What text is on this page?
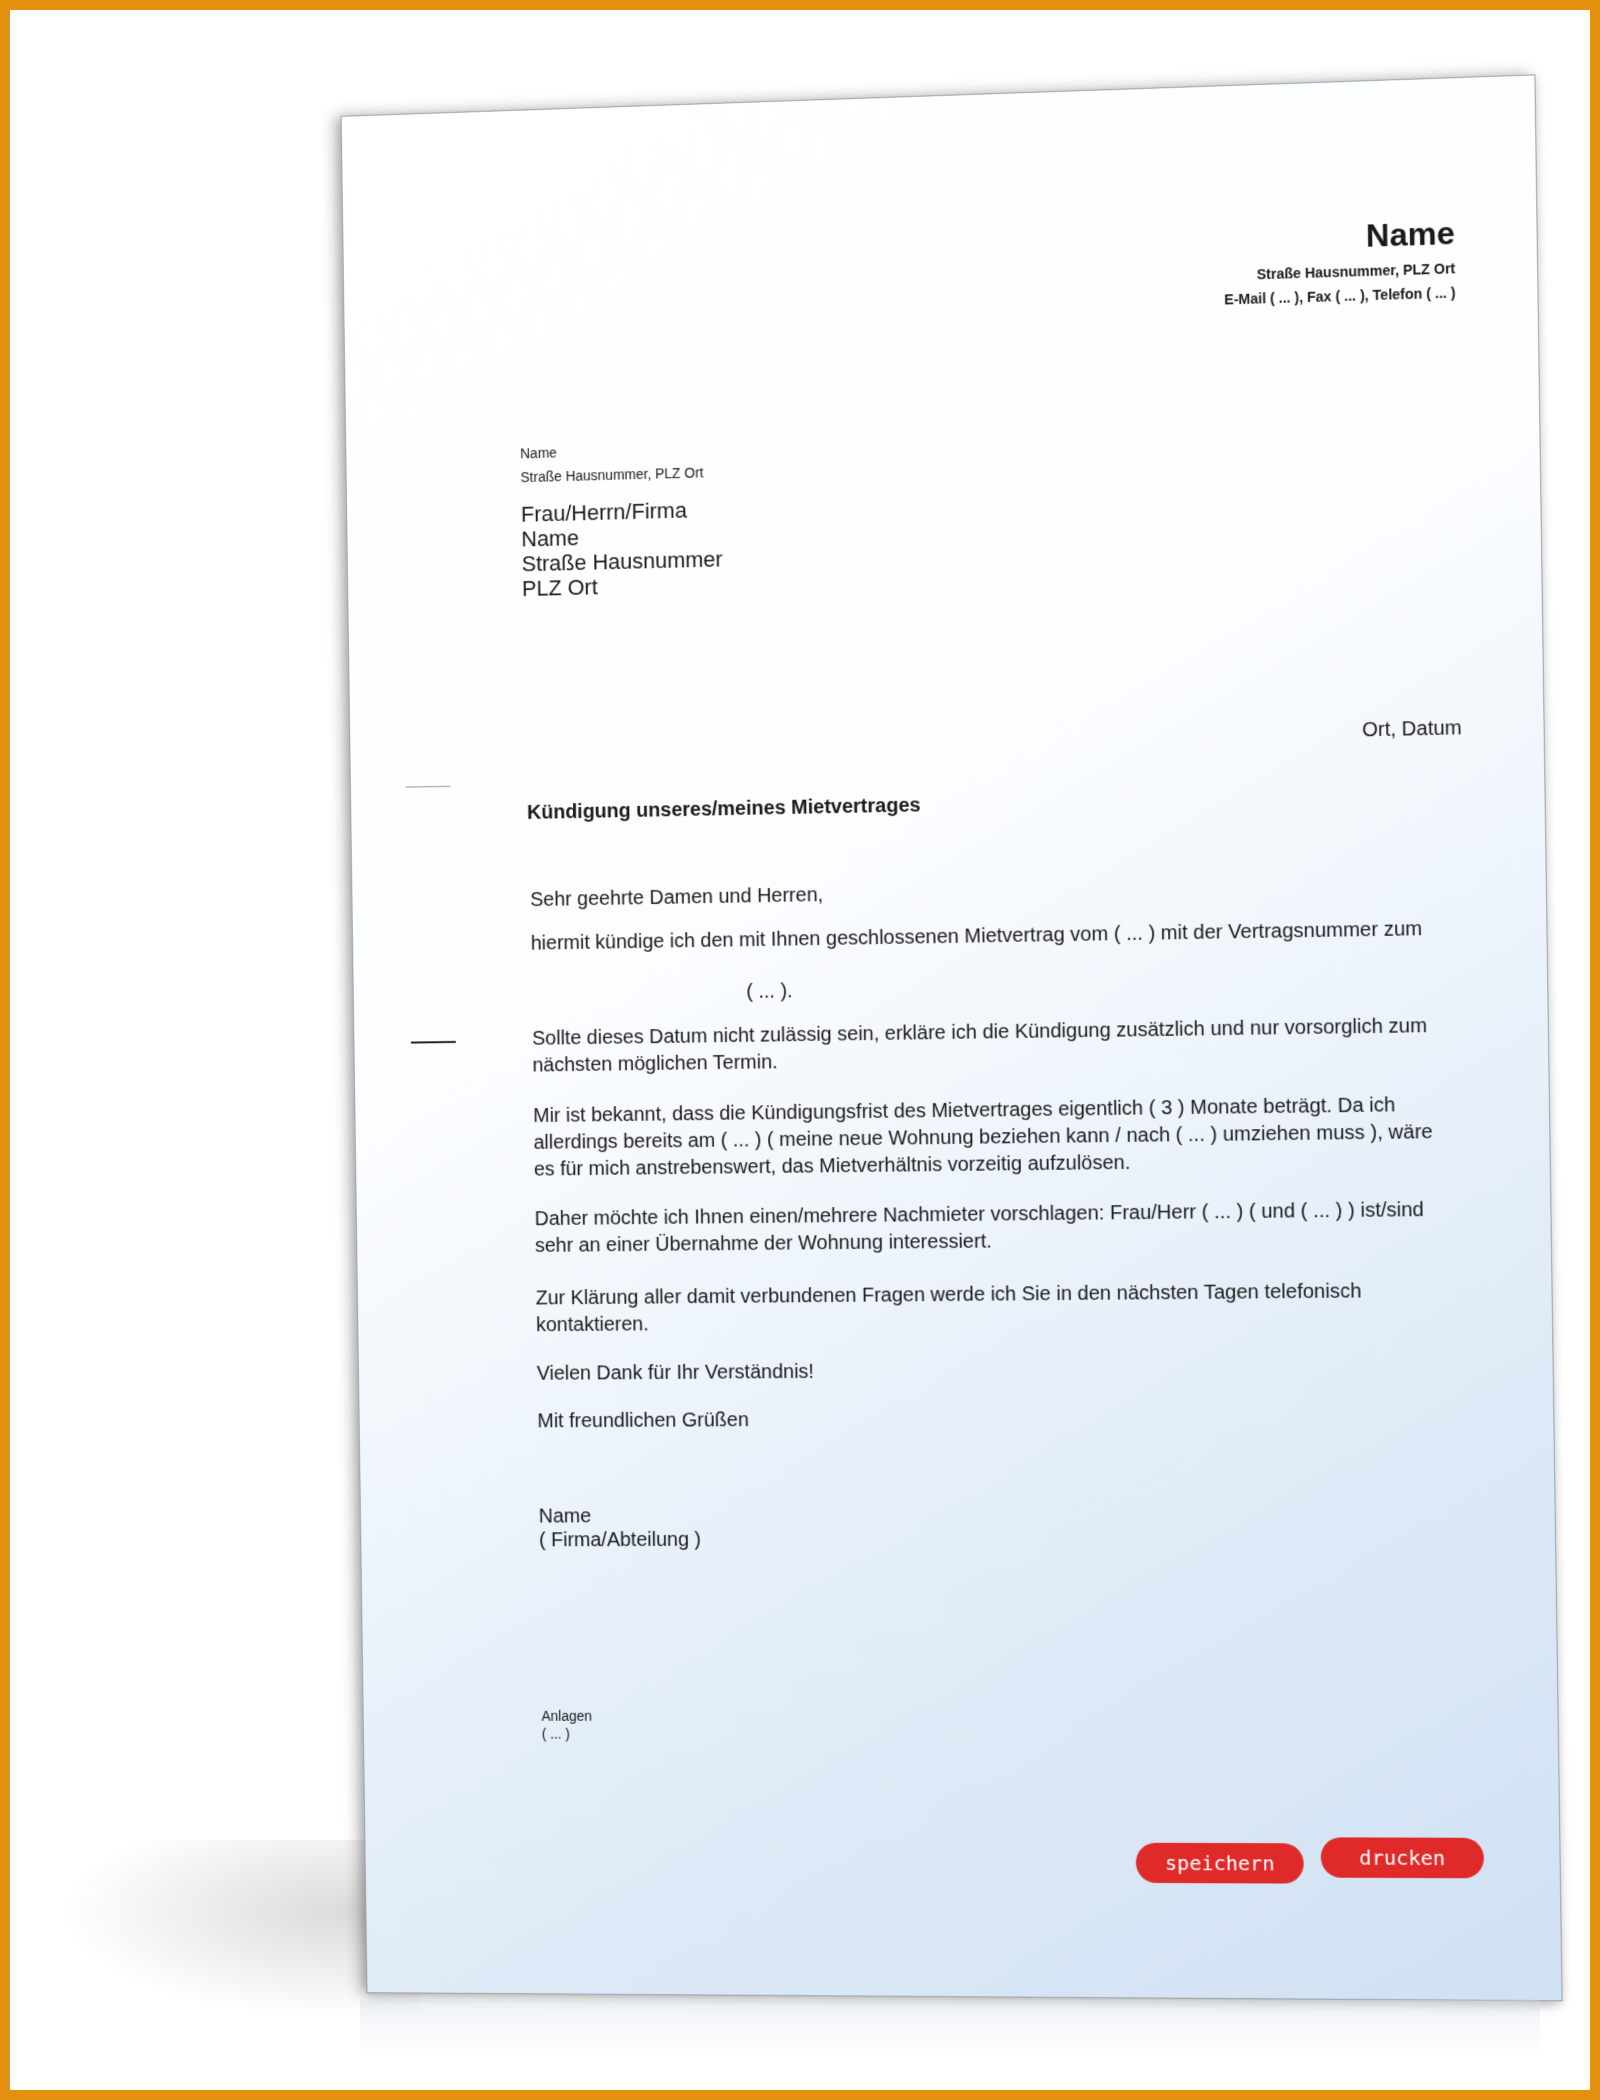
Name
Straße Hausnummer, PLZ Ort
E-Mail ( ... ), Fax ( ... ), Telefon ( ... )
Name
Straße Hausnummer, PLZ Ort
Frau/Herrn/Firma
Name
Straße Hausnummer
PLZ Ort
Ort, Datum
Kündigung unseres/meines Mietvertrages
Sehr geehrte Damen und Herren,
hiermit kündige ich den mit Ihnen geschlossenen Mietvertrag vom ( ... ) mit der Vertragsnummer zum
( ... ).
Sollte dieses Datum nicht zulässig sein, erkläre ich die Kündigung zusätzlich und nur vorsorglich zum nächsten möglichen Termin.
Mir ist bekannt, dass die Kündigungsfrist des Mietvertrages eigentlich ( 3 ) Monate beträgt. Da ich allerdings bereits am ( ... ) ( meine neue Wohnung beziehen kann / nach ( ... ) umziehen muss ), wäre es für mich anstrebenswert, das Mietverhältnis vorzeitig aufzulösen.
Daher möchte ich Ihnen einen/mehrere Nachmieter vorschlagen: Frau/Herr ( ... ) ( und ( ... ) ) ist/sind sehr an einer Übernahme der Wohnung interessiert.
Zur Klärung aller damit verbundenen Fragen werde ich Sie in den nächsten Tagen telefonisch kontaktieren.
Vielen Dank für Ihr Verständnis!
Mit freundlichen Grüßen
Name
( Firma/Abteilung )
Anlagen
( ... )
speichern	drucken
